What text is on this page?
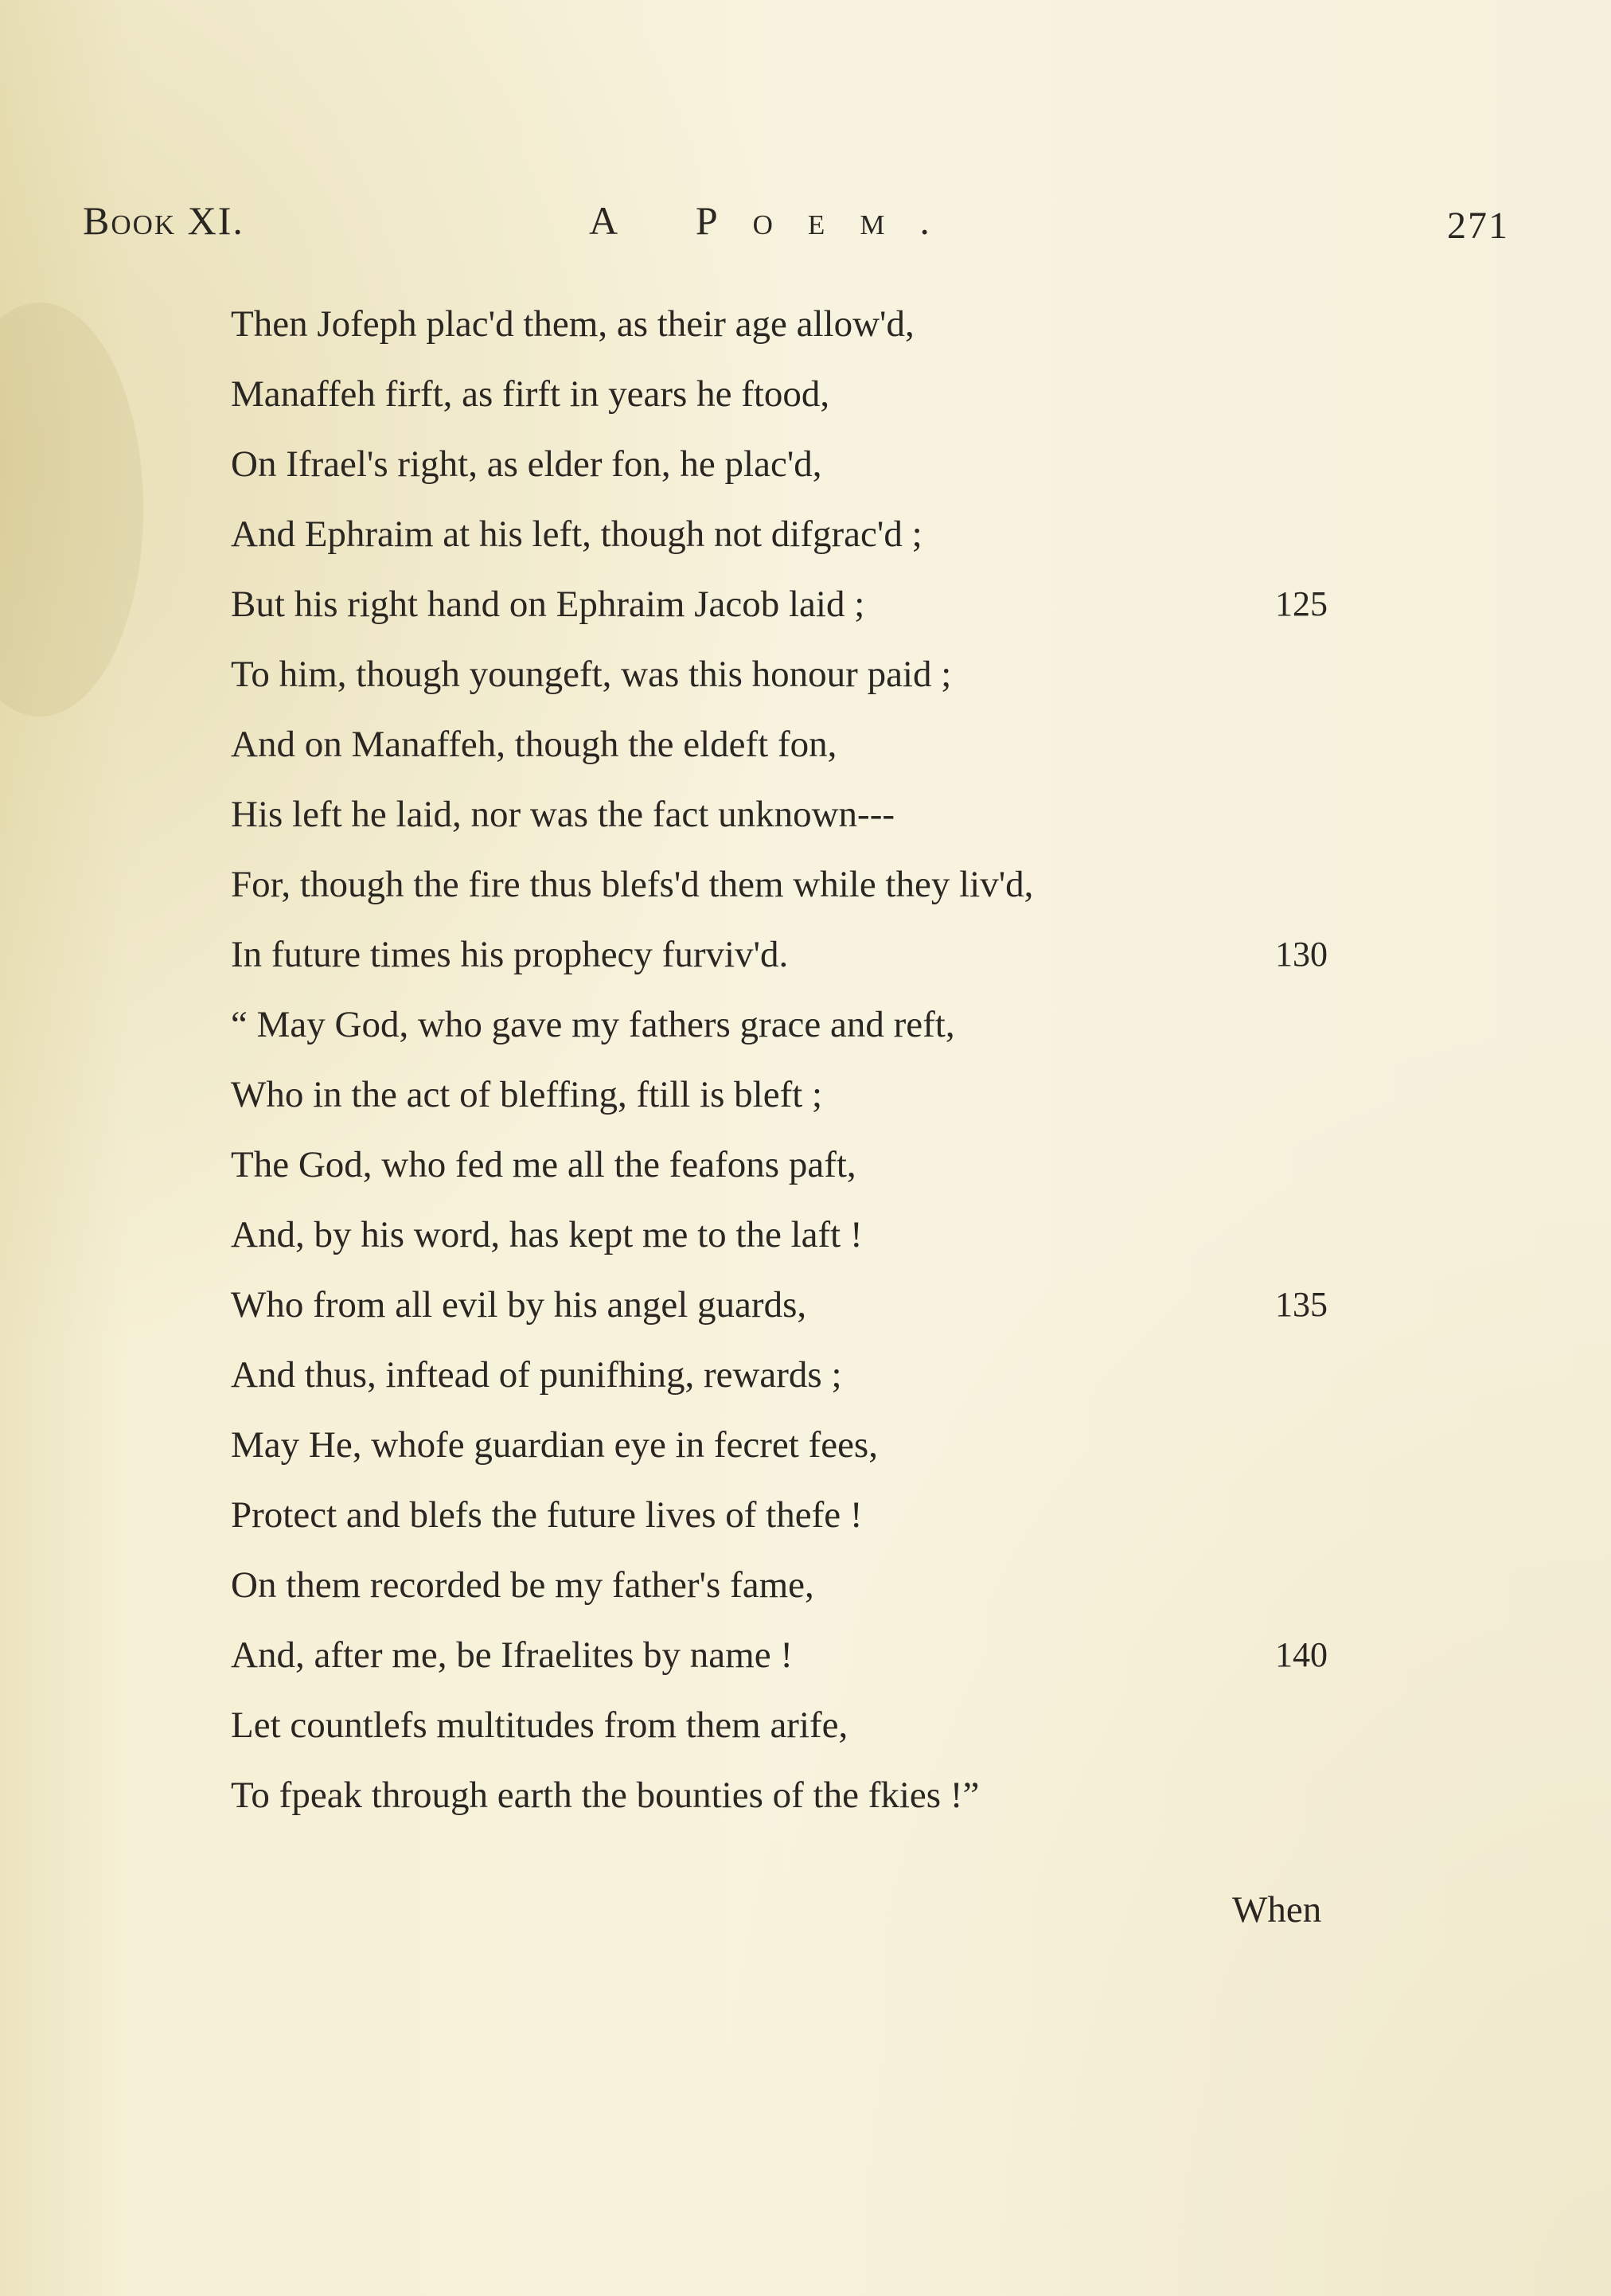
Book XI.	A Poem.	271
Then Jofeph plac'd them, as their age allow'd,
Manaffeh firft, as firft in years he ftood,
On Ifrael's right, as elder fon, he plac'd,
And Ephraim at his left, though not difgrac'd ;
But his right hand on Ephraim Jacob laid ;	125
To him, though youngeft, was this honour paid ;
And on Manaffeh, though the eldeft fon,
His left he laid, nor was the fact unknown---
For, though the fire thus blefs'd them while they liv'd,
In future times his prophecy furviv'd.	130
“ May God, who gave my fathers grace and reft,
Who in the act of bleffing, ftill is bleft ;
The God, who fed me all the feafons paft,
And, by his word, has kept me to the laft !
Who from all evil by his angel guards,	135
And thus, inftead of punifhing, rewards ;
May He, whofe guardian eye in fecret fees,
Protect and blefs the future lives of thefe !
On them recorded be my father's fame,
And, after me, be Ifraelites by name !	140
Let countlefs multitudes from them arife,
To fpeak through earth the bounties of the fkies !”
When
